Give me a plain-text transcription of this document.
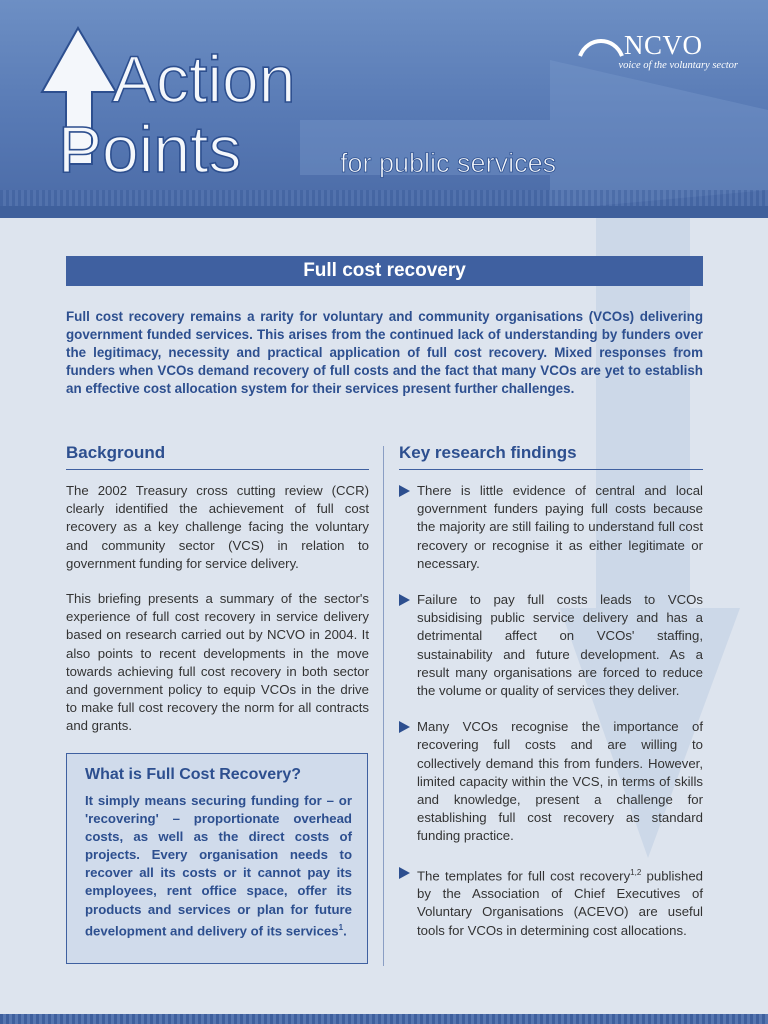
Action
Points	for public services
NCVO
voice of the voluntary sector
Full cost recovery

Full cost recovery remains a rarity for voluntary and community organisations (VCOs) delivering government funded services. This arises from the continued lack of understanding by funders over the legitimacy, necessity and practical application of full cost recovery. Mixed responses from funders when VCOs demand recovery of full costs and the fact that many VCOs are yet to establish an effective cost allocation system for their services present further challenges.

Background	Key research findings

The 2002 Treasury cross cutting review (CCR) clearly identified the achievement of full cost recovery as a key challenge facing the voluntary and community sector (VCS) in relation to government funding for service delivery.

This briefing presents a summary of the sector's experience of full cost recovery in service delivery based on research carried out by NCVO in 2004. It also points to recent developments in the move towards achieving full cost recovery in both sector and government policy to equip VCOs in the drive to make full cost recovery the norm for all contracts and grants.

What is Full Cost Recovery?

It simply means securing funding for – or 'recovering' – proportionate overhead costs, as well as the direct costs of projects. Every organisation needs to recover all its costs or it cannot pay its employees, rent office space, offer its products and services or plan for future development and delivery of its services$^1$.

There is little evidence of central and local government funders paying full costs because the majority are still failing to understand full cost recovery or recognise it as either legitimate or necessary.
Failure to pay full costs leads to VCOs subsidising public service delivery and has a detrimental affect on VCOs' staffing, sustainability and future development. As a result many organisations are forced to reduce the volume or quality of services they deliver.
Many VCOs recognise the importance of recovering full costs and are willing to collectively demand this from funders. However, limited capacity within the VCS, in terms of skills and knowledge, present a challenge for establishing full cost recovery as standard funding practice.
The templates for full cost recovery$^{1,2}$ published by the Association of Chief Executives of Voluntary Organisations (ACEVO) are useful tools for VCOs in determining cost allocations.
